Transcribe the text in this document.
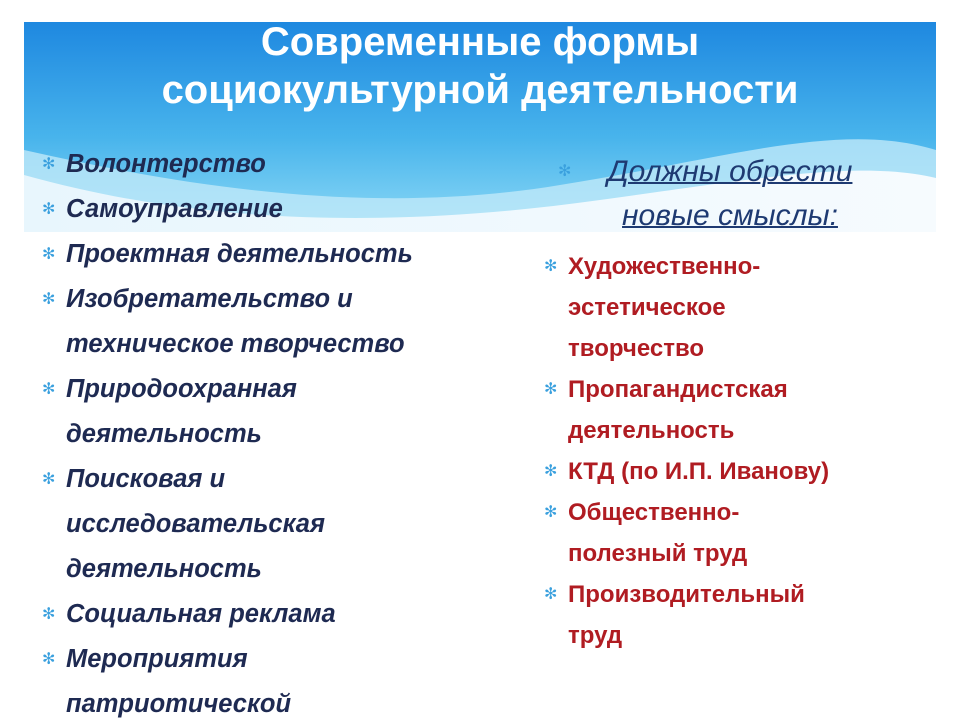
Современные формы
социокультурной деятельности
✻ Волонтерство
✻ Самоуправление
✻ Проектная деятельность
✻ Изобретательство и
техническое творчество
✻ Природоохранная
деятельность
✻ Поисковая и
исследовательская
деятельность
✻ Социальная реклама
✻ Мероприятия
патриотической
✻	Должны обрести
новые смыслы:
✻ Художественно-
эстетическое
творчество
✻ Пропагандистская
деятельность
✻ КТД (по И.П. Иванову)
✻ Общественно-
полезный труд
✻ Производительный
труд
